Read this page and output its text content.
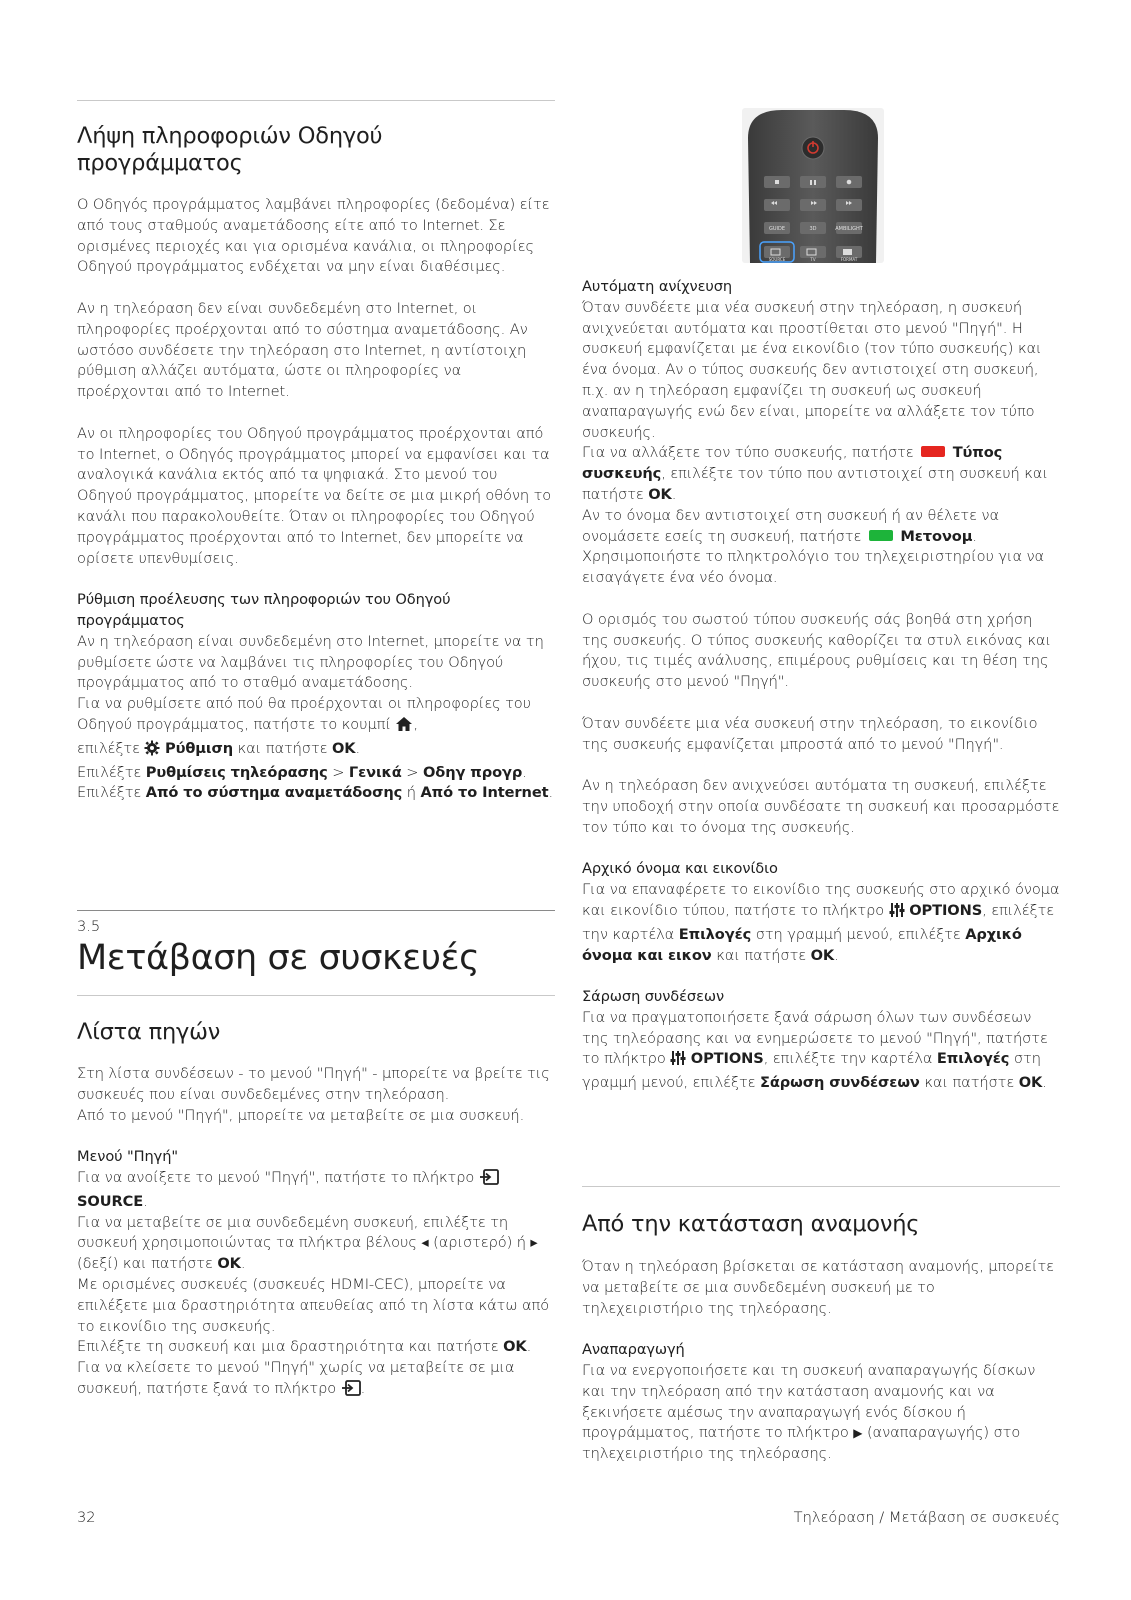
Λήψη πληροφοριών Οδηγού προγράμματος

Ο Οδηγός προγράμματος λαμβάνει πληροφορίες (δεδομένα) είτε από τους σταθμούς αναμετάδοσης είτε από το Internet. Σε ορισμένες περιοχές και για ορισμένα κανάλια, οι πληροφορίες Οδηγού προγράμματος ενδέχεται να μην είναι διαθέσιμες.

Αν η τηλεόραση δεν είναι συνδεδεμένη στο Internet, οι πληροφορίες προέρχονται από το σύστημα αναμετάδοσης. Αν ωστόσο συνδέσετε την τηλεόραση στο Internet, η αντίστοιχη ρύθμιση αλλάζει αυτόματα, ώστε οι πληροφορίες να προέρχονται από το Internet.

Αν οι πληροφορίες του Οδηγού προγράμματος προέρχονται από το Internet, ο Οδηγός προγράμματος μπορεί να εμφανίσει και τα αναλογικά κανάλια εκτός από τα ψηφιακά. Στο μενού του Οδηγού προγράμματος, μπορείτε να δείτε σε μια μικρή οθόνη το κανάλι που παρακολουθείτε. Όταν οι πληροφορίες του Οδηγού προγράμματος προέρχονται από το Internet, δεν μπορείτε να ορίσετε υπενθυμίσεις.

Ρύθμιση προέλευσης των πληροφοριών του Οδηγού προγράμματος

Αν η τηλεόραση είναι συνδεδεμένη στο Internet, μπορείτε να τη ρυθμίσετε ώστε να λαμβάνει τις πληροφορίες του Οδηγού προγράμματος από το σταθμό αναμετάδοσης.

Για να ρυθμίσετε από πού θα προέρχονται οι πληροφορίες του Οδηγού προγράμματος, πατήστε το κουμπί ,
επιλέξτε Ρύθμιση και πατήστε OK.

Επιλέξτε Ρυθμίσεις τηλεόρασης > Γενικά > Οδηγ προγρ.
Επιλέξτε Από το σύστημα αναμετάδοσης ή Από το Internet.

3.5
Μετάβαση σε συσκευές
Λίστα πηγών

Στη λίστα συνδέσεων - το μενού "Πηγή" - μπορείτε να βρείτε τις συσκευές που είναι συνδεδεμένες στην τηλεόραση.

Από το μενού "Πηγή", μπορείτε να μεταβείτε σε μια συσκευή.

Μενού "Πηγή"

Για να ανοίξετε το μενού "Πηγή", πατήστε το πλήκτρο
SOURCE.

Για να μεταβείτε σε μια συνδεδεμένη συσκευή, επιλέξτε τη συσκευή χρησιμοποιώντας τα πλήκτρα βέλους ◂ (αριστερό) ή ▸ (δεξί) και πατήστε OK.

Με ορισμένες συσκευές (συσκευές HDMI-CEC), μπορείτε να επιλέξετε μια δραστηριότητα απευθείας από τη λίστα κάτω από το εικονίδιο της συσκευής.

Επιλέξτε τη συσκευή και μια δραστηριότητα και πατήστε OK.

Για να κλείσετε το μενού "Πηγή" χωρίς να μεταβείτε σε μια συσκευή, πατήστε ξανά το πλήκτρο .

GUIDE	3D	AMBILIGHT
SOURCE	TV	FORMAT

Αυτόματη ανίχνευση

Όταν συνδέετε μια νέα συσκευή στην τηλεόραση, η συσκευή ανιχνεύεται αυτόματα και προστίθεται στο μενού "Πηγή". Η συσκευή εμφανίζεται με ένα εικονίδιο (τον τύπο συσκευής) και ένα όνομα. Αν ο τύπος συσκευής δεν αντιστοιχεί στη συσκευή, π.χ. αν η τηλεόραση εμφανίζει τη συσκευή ως συσκευή αναπαραγωγής ενώ δεν είναι, μπορείτε να αλλάξετε τον τύπο συσκευής.

Για να αλλάξετε τον τύπο συσκευής, πατήστε	Τύπος συσκευής, επιλέξτε τον τύπο που αντιστοιχεί στη συσκευή και πατήστε OK.

Αν το όνομα δεν αντιστοιχεί στη συσκευή ή αν θέλετε να ονομάσετε εσείς τη συσκευή, πατήστε	Μετονομ. Χρησιμοποιήστε το πληκτρολόγιο του τηλεχειριστηρίου για να εισαγάγετε ένα νέο όνομα.

Ο ορισμός του σωστού τύπου συσκευής σάς βοηθά στη χρήση της συσκευής. Ο τύπος συσκευής καθορίζει τα στυλ εικόνας και ήχου, τις τιμές ανάλυσης, επιμέρους ρυθμίσεις και τη θέση της συσκευής στο μενού "Πηγή".

Όταν συνδέετε μια νέα συσκευή στην τηλεόραση, το εικονίδιο της συσκευής εμφανίζεται μπροστά από το μενού "Πηγή".

Αν η τηλεόραση δεν ανιχνεύσει αυτόματα τη συσκευή, επιλέξτε την υποδοχή στην οποία συνδέσατε τη συσκευή και προσαρμόστε τον τύπο και το όνομα της συσκευής.

Αρχικό όνομα και εικονίδιο

Για να επαναφέρετε το εικονίδιο της συσκευής στο αρχικό όνομα και εικονίδιο τύπου, πατήστε το πλήκτρο OPTIONS, επιλέξτε την καρτέλα Επιλογές στη γραμμή μενού, επιλέξτε Αρχικό όνομα και εικον και πατήστε OK.

Σάρωση συνδέσεων

Για να πραγματοποιήσετε ξανά σάρωση όλων των συνδέσεων της τηλεόρασης και να ενημερώσετε το μενού "Πηγή", πατήστε το πλήκτρο OPTIONS, επιλέξτε την καρτέλα Επιλογές στη γραμμή μενού, επιλέξτε Σάρωση συνδέσεων και πατήστε OK.

Από την κατάσταση αναμονής

Όταν η τηλεόραση βρίσκεται σε κατάσταση αναμονής, μπορείτε να μεταβείτε σε μια συνδεδεμένη συσκευή με το τηλεχειριστήριο της τηλεόρασης.

Αναπαραγωγή

Για να ενεργοποιήσετε και τη συσκευή αναπαραγωγής δίσκων και την τηλεόραση από την κατάσταση αναμονής και να ξεκινήσετε αμέσως την αναπαραγωγή ενός δίσκου ή προγράμματος, πατήστε το πλήκτρο ▶ (αναπαραγωγής) στο τηλεχειριστήριο της τηλεόρασης.

32	Τηλεόραση / Μετάβαση σε συσκευές
